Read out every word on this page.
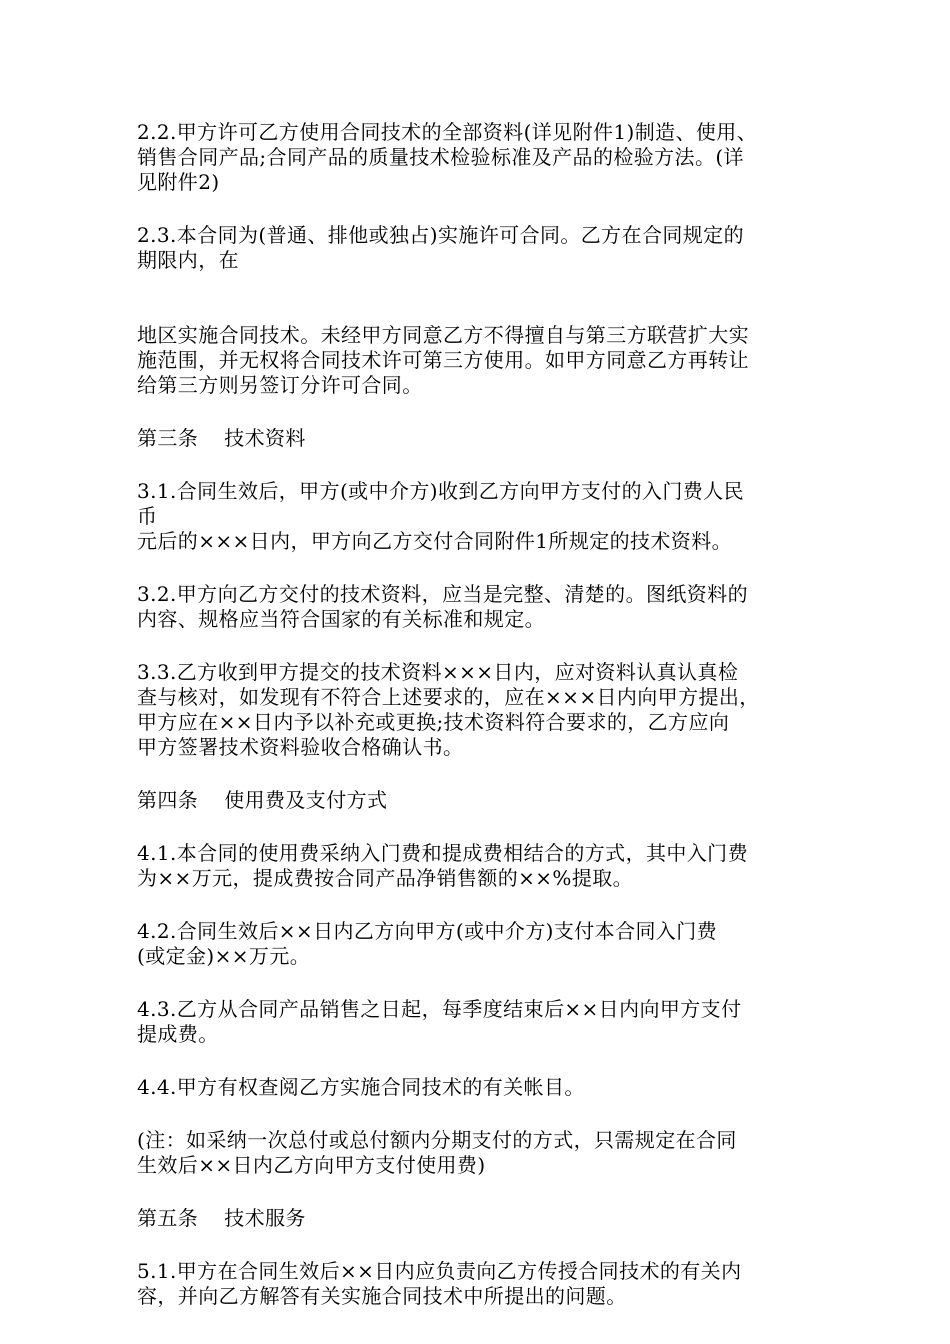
2.2.甲方许可乙方使用合同技术的全部资料(详见附件1)制造、使用、
销售合同产品;合同产品的质量技术检验标准及产品的检验方法。(详
见附件2)

2.3.本合同为(普通、排他或独占)实施许可合同。乙方在合同规定的
期限内，在

地区实施合同技术。未经甲方同意乙方不得擅自与第三方联营扩大实
施范围，并无权将合同技术许可第三方使用。如甲方同意乙方再转让
给第三方则另签订分许可合同。

第三条 技术资料

3.1.合同生效后，甲方(或中介方)收到乙方向甲方支付的入门费人民
币
元后的×××日内，甲方向乙方交付合同附件1所规定的技术资料。

3.2.甲方向乙方交付的技术资料，应当是完整、清楚的。图纸资料的
内容、规格应当符合国家的有关标准和规定。

3.3.乙方收到甲方提交的技术资料×××日内，应对资料认真认真检
查与核对，如发现有不符合上述要求的，应在×××日内向甲方提出，
甲方应在××日内予以补充或更换;技术资料符合要求的，乙方应向
甲方签署技术资料验收合格确认书。

第四条 使用费及支付方式

4.1.本合同的使用费采纳入门费和提成费相结合的方式，其中入门费
为××万元，提成费按合同产品净销售额的××%提取。

4.2.合同生效后××日内乙方向甲方(或中介方)支付本合同入门费
(或定金)××万元。

4.3.乙方从合同产品销售之日起，每季度结束后××日内向甲方支付
提成费。

4.4.甲方有权查阅乙方实施合同技术的有关帐目。

(注：如采纳一次总付或总付额内分期支付的方式，只需规定在合同
生效后××日内乙方向甲方支付使用费)

第五条 技术服务

5.1.甲方在合同生效后××日内应负责向乙方传授合同技术的有关内
容，并向乙方解答有关实施合同技术中所提出的问题。
